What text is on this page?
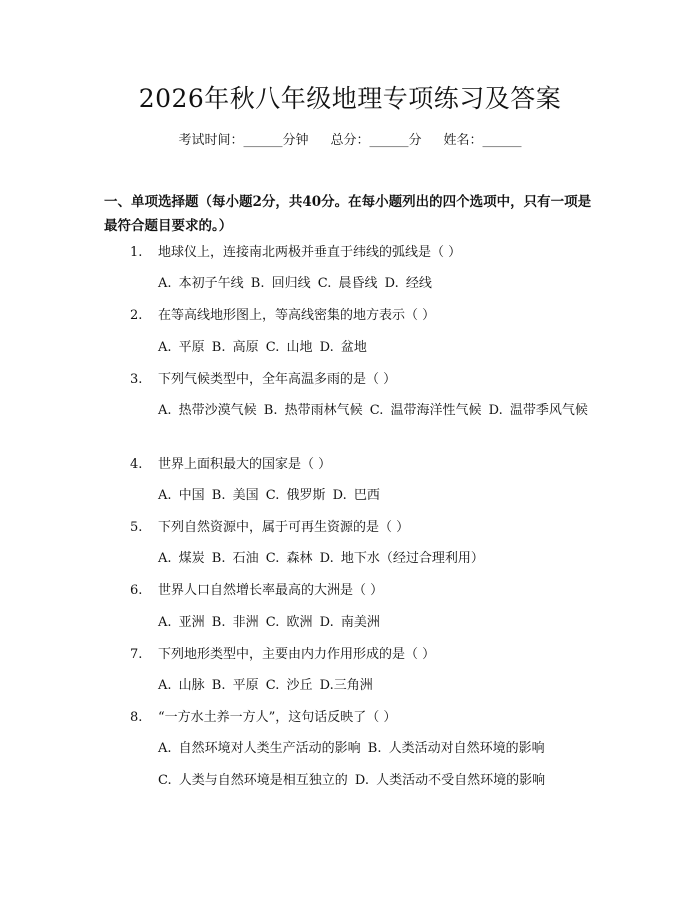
2026年秋八年级地理专项练习及答案
考试时间：______分钟 总分：______分 姓名：______
一、单项选择题（每小题2分，共40分。在每小题列出的四个选项中，只有一项是最符合题目要求的。）
1. 地球仪上，连接南北两极并垂直于纬线的弧线是（ ）
A. 本初子午线 B. 回归线 C. 晨昏线 D. 经线
2. 在等高线地形图上，等高线密集的地方表示（ ）
A. 平原 B. 高原 C. 山地 D. 盆地
3. 下列气候类型中，全年高温多雨的是（ ）
A. 热带沙漠气候 B. 热带雨林气候 C. 温带海洋性气候 D. 温带季风气候
4. 世界上面积最大的国家是（ ）
A. 中国 B. 美国 C. 俄罗斯 D. 巴西
5. 下列自然资源中，属于可再生资源的是（ ）
A. 煤炭 B. 石油 C. 森林 D. 地下水（经过合理利用）
6. 世界人口自然增长率最高的大洲是（ ）
A. 亚洲 B. 非洲 C. 欧洲 D. 南美洲
7. 下列地形类型中，主要由内力作用形成的是（ ）
A. 山脉 B. 平原 C. 沙丘 D.三角洲
8. “一方水土养一方人”，这句话反映了（ ）
A. 自然环境对人类生产活动的影响 B. 人类活动对自然环境的影响
C. 人类与自然环境是相互独立的 D. 人类活动不受自然环境的影响
